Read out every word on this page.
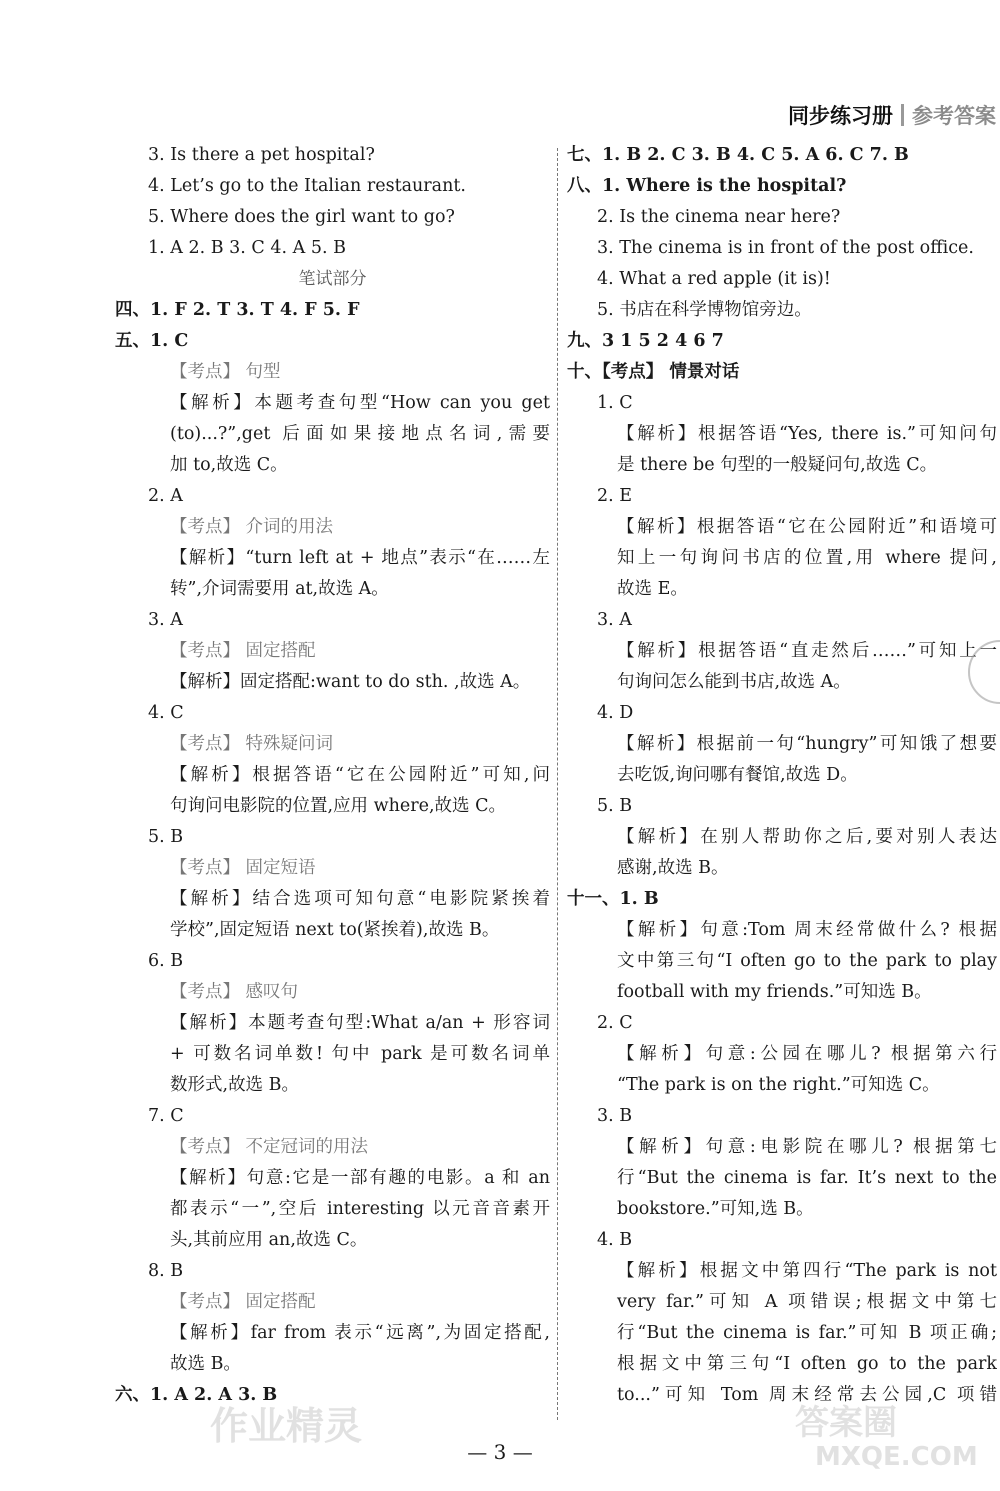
同步练习册 参考答案
3. Is there a pet hospital?
4. Let’s go to the Italian restaurant.
5. Where does the girl want to go?
1. A 2. B 3. C 4. A 5. B
笔试部分
四、1. F 2. T 3. T 4. F 5. F
五、1. C
【考点】 句型
【解析】本题考查句型“How can you get
(to)...?”,get 后面如果接地点名词,需要
加 to,故选 C。
2. A
【考点】 介词的用法
【解析】“turn left at + 地点”表示“在……左
转”,介词需要用 at,故选 A。
3. A
【考点】 固定搭配
【解析】固定搭配:want to do sth. ,故选 A。
4. C
【考点】 特殊疑问词
【解析】根据答语“它在公园附近”可知,问
句询问电影院的位置,应用 where,故选 C。
5. B
【考点】 固定短语
【解析】结合选项可知句意“电影院紧挨着
学校”,固定短语 next to(紧挨着),故选 B。
6. B
【考点】 感叹句
【解析】本题考查句型:What a/an + 形容词
+ 可数名词单数! 句中 park 是可数名词单
数形式,故选 B。
7. C
【考点】 不定冠词的用法
【解析】句意:它是一部有趣的电影。a 和 an
都表示“一”,空后 interesting 以元音音素开
头,其前应用 an,故选 C。
8. B
【考点】 固定搭配
【解析】far from 表示“远离”,为固定搭配,
故选 B。
六、1. A 2. A 3. B
七、1. B 2. C 3. B 4. C 5. A 6. C 7. B
八、1. Where is the hospital?
2. Is the cinema near here?
3. The cinema is in front of the post office.
4. What a red apple (it is)!
5. 书店在科学博物馆旁边。
九、3 1 5 2 4 6 7
十、【考点】 情景对话
1. C
【解析】根据答语“Yes, there is.”可知问句
是 there be 句型的一般疑问句,故选 C。
2. E
【解析】根据答语“它在公园附近”和语境可
知上一句询问书店的位置,用 where 提问,
故选 E。
3. A
【解析】根据答语“直走然后……”可知上一
句询问怎么能到书店,故选 A。
4. D
【解析】根据前一句“hungry”可知饿了想要
去吃饭,询问哪有餐馆,故选 D。
5. B
【解析】在别人帮助你之后,要对别人表达
感谢,故选 B。
十一、1. B
【解析】句意:Tom 周末经常做什么? 根据
文中第三句“I often go to the park to play
football with my friends.”可知选 B。
2. C
【解析】句意:公园在哪儿? 根据第六行
“The park is on the right.”可知选 C。
3. B
【解析】句意:电影院在哪儿? 根据第七
行“But the cinema is far. It’s next to the
bookstore.”可知,选 B。
4. B
【解析】根据文中第四行“The park is not
very far.”可知 A 项错误;根据文中第七
行“But the cinema is far.”可知 B 项正确;
根据文中第三句“I often go to the park
to...”可知 Tom 周末经常去公园,C 项错
— 3 —
作业精灵	答案圈
MXQE.COM
